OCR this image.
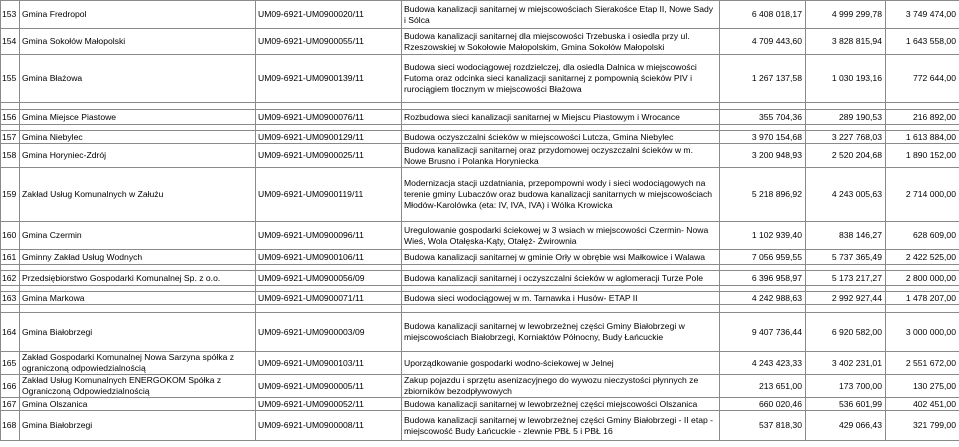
153	Gmina Fredropol	UM09-6921-UM0900020/11	Budowa kanalizacji sanitarnej w miejscowościach Sierakośce Etap II, Nowe Sady i Sólca	6 408 018,17	4 999 299,78	3 749 474,00
154	Gmina Sokołów Małopolski	UM09-6921-UM0900055/11	Budowa kanalizacji sanitarnej dla miejscowości Trzebuska i osiedla przy ul. Rzeszowskiej w Sokołowie Małopolskim, Gmina Sokołów Małopolski	4 709 443,60	3 828 815,94	1 643 558,00
155	Gmina Błażowa	UM09-6921-UM0900139/11	Budowa sieci wodociągowej rozdzielczej, dla osiedla Dalnica w miejscowości Futoma oraz odcinka sieci kanalizacji sanitarnej z pompownią ścieków PIV i rurociągiem tłocznym w miejscowości Błażowa	1 267 137,58	1 030 193,16	772 644,00

156	Gmina Miejsce Piastowe	UM09-6921-UM0900076/11	Rozbudowa sieci kanalizacji sanitarnej w Miejscu Piastowym i Wrocance	355 704,36	289 190,53	216 892,00

157	Gmina Niebylec	UM09-6921-UM0900129/11	Budowa oczyszczalni ścieków w miejscowości Lutcza, Gmina Niebylec	3 970 154,68	3 227 768,03	1 613 884,00
158	Gmina Horyniec-Zdrój	UM09-6921-UM0900025/11	Budowa kanalizacji sanitarnej oraz przydomowej oczyszczalni ścieków w m. Nowe Brusno i Polanka Horyniecka	3 200 948,93	2 520 204,68	1 890 152,00
159	Zakład Usług Komunalnych w Załużu	UM09-6921-UM0900119/11	Modernizacja stacji uzdatniania, przepompowni wody i sieci wodociągowych na terenie gminy Lubaczów oraz budowa kanalizacji sanitarnych w miejscowościach Młodów-Karolówka (eta: IV, IVA, IVA) i Wólka Krowicka	5 218 896,92	4 243 005,63	2 714 000,00
160	Gmina Czermin	UM09-6921-UM0900096/11	Uregulowanie gospodarki ściekowej w 3 wsiach w miejscowości Czermin- Nowa Wieś, Wola Otałęska-Kąty, Otałęż- Żwirownia	1 102 939,40	838 146,27	628 609,00
161	Gminny Zakład Usług Wodnych	UM09-6921-UM0900106/11	Budowa kanalizacji sanitarnej w gminie Orły w obrębie wsi Małkowice i Walawa	7 056 959,55	5 737 365,49	2 422 525,00

162	Przedsiębiorstwo Gospodarki Komunalnej Sp. z o.o.	UM09-6921-UM0900056/09	Budowa kanalizacji sanitarnej i oczyszczalni ścieków w aglomeracji Turze Pole	6 396 958,97	5 173 217,27	2 800 000,00

163	Gmina Markowa	UM09-6921-UM0900071/11	Budowa sieci wodociągowej w m. Tarnawka i Husów- ETAP II	4 242 988,63	2 992 927,44	1 478 207,00

164	Gmina Białobrzegi	UM09-6921-UM0900003/09	Budowa kanalizacji sanitarnej w lewobrzeżnej części Gminy Białobrzegi w miejscowościach Białobrzegi, Korniaktów Północny, Budy Łańcuckie	9 407 736,44	6 920 582,00	3 000 000,00
165	Zakład Gospodarki Komunalnej Nowa Sarzyna spółka z ograniczoną odpowiedzialnością	UM09-6921-UM0900103/11	Uporządkowanie gospodarki wodno-ściekowej w Jelnej	4 243 423,33	3 402 231,01	2 551 672,00
166	Zakład Usług Komunalnych ENERGOKOM Spółka z Ograniczoną Odpowiedzialnością	UM09-6921-UM0900005/11	Zakup pojazdu i sprzętu asenizacyjnego do wywozu nieczystości płynnych ze zbiorników bezodpływowych	213 651,00	173 700,00	130 275,00
167	Gmina Olszanica	UM09-6921-UM0900052/11	Budowa kanalizacji sanitarnej w lewobrzeżnej części miejscowości Olszanica	660 020,46	536 601,99	402 451,00
168	Gmina Białobrzegi	UM09-6921-UM0900008/11	Budowa kanalizacji sanitarnej w lewobrzeżnej części Gminy Białobrzegi - II etap - miejscowość Budy Łańcuckie - zlewnie PBŁ 5 i PBŁ 16	537 818,30	429 066,43	321 799,00
